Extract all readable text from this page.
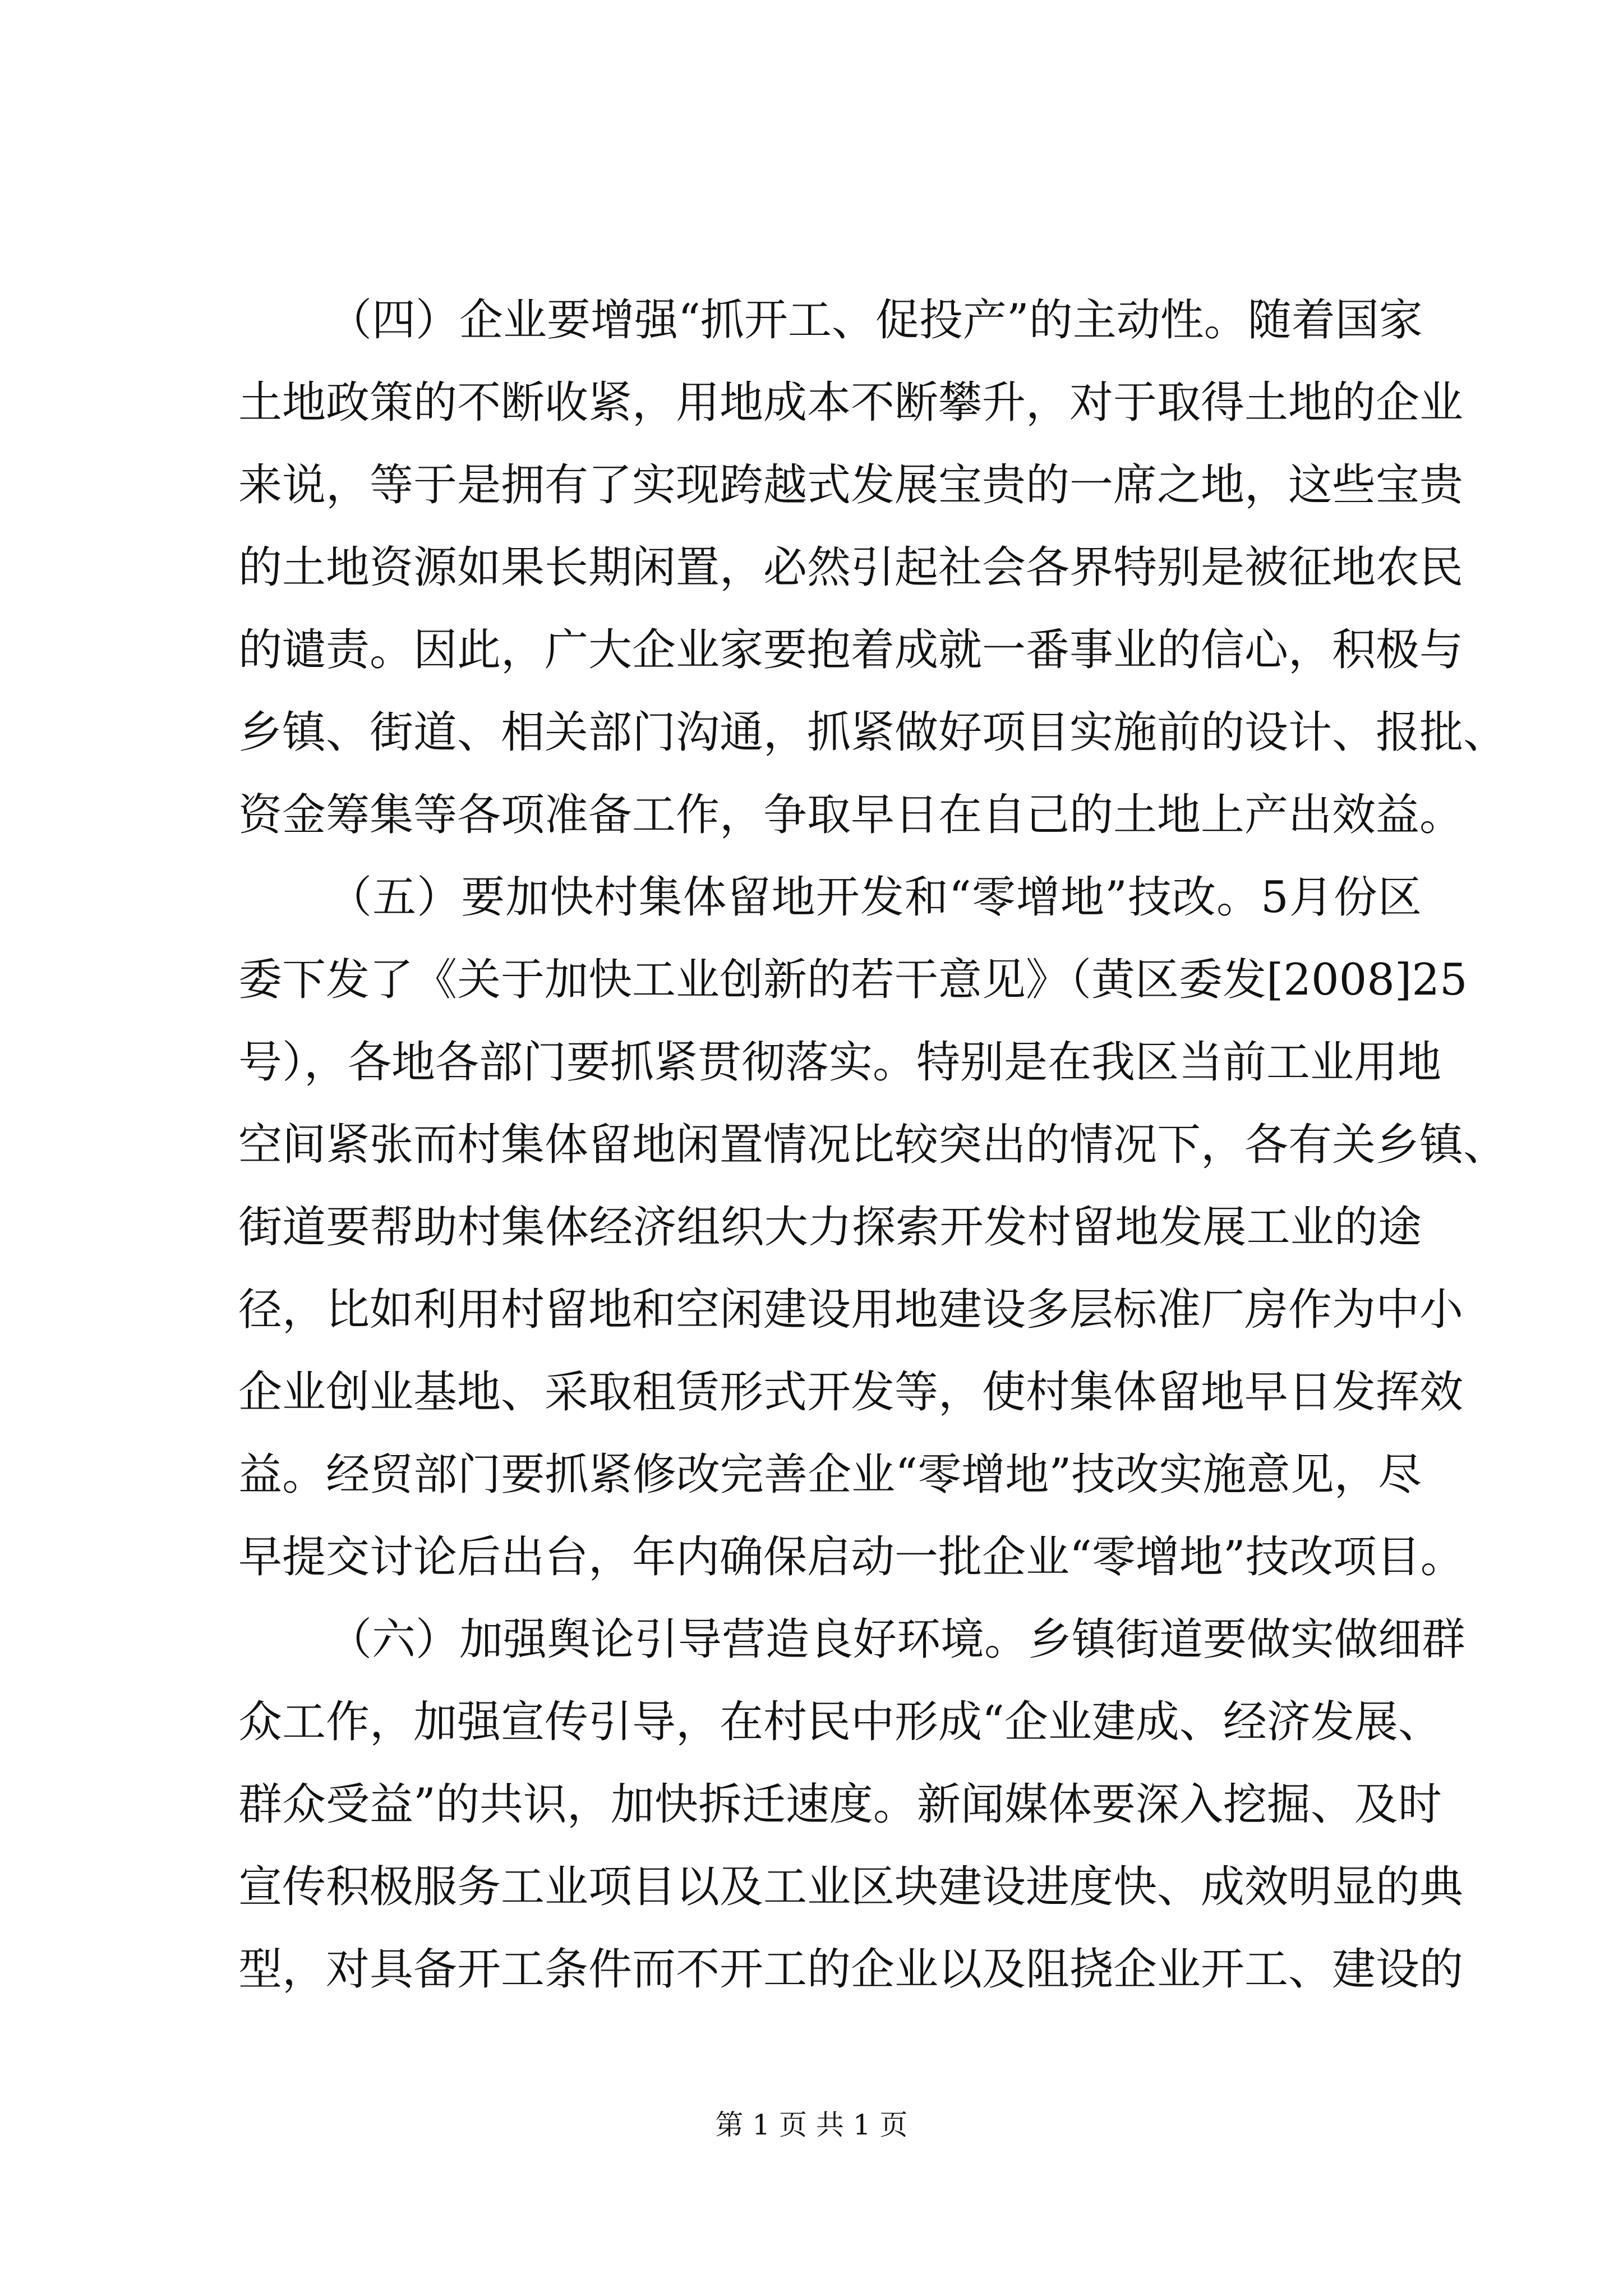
（四）企业要增强“抓开工、促投产”的主动性。随着国家
土地政策的不断收紧，用地成本不断攀升，对于取得土地的企业
来说，等于是拥有了实现跨越式发展宝贵的一席之地，这些宝贵
的土地资源如果长期闲置，必然引起社会各界特别是被征地农民
的谴责。因此，广大企业家要抱着成就一番事业的信心，积极与
乡镇、街道、相关部门沟通，抓紧做好项目实施前的设计、报批、
资金筹集等各项准备工作，争取早日在自己的土地上产出效益。
（五）要加快村集体留地开发和“零增地”技改。5月份区
委下发了《关于加快工业创新的若干意见》（黄区委发[2008]25
号），各地各部门要抓紧贯彻落实。特别是在我区当前工业用地
空间紧张而村集体留地闲置情况比较突出的情况下，各有关乡镇、
街道要帮助村集体经济组织大力探索开发村留地发展工业的途
径，比如利用村留地和空闲建设用地建设多层标准厂房作为中小
企业创业基地、采取租赁形式开发等，使村集体留地早日发挥效
益。经贸部门要抓紧修改完善企业“零增地”技改实施意见，尽
早提交讨论后出台，年内确保启动一批企业“零增地”技改项目。
（六）加强舆论引导营造良好环境。乡镇街道要做实做细群
众工作，加强宣传引导，在村民中形成“企业建成、经济发展、
群众受益”的共识，加快拆迁速度。新闻媒体要深入挖掘、及时
宣传积极服务工业项目以及工业区块建设进度快、成效明显的典
型，对具备开工条件而不开工的企业以及阻挠企业开工、建设的
第 1 页 共 1 页
